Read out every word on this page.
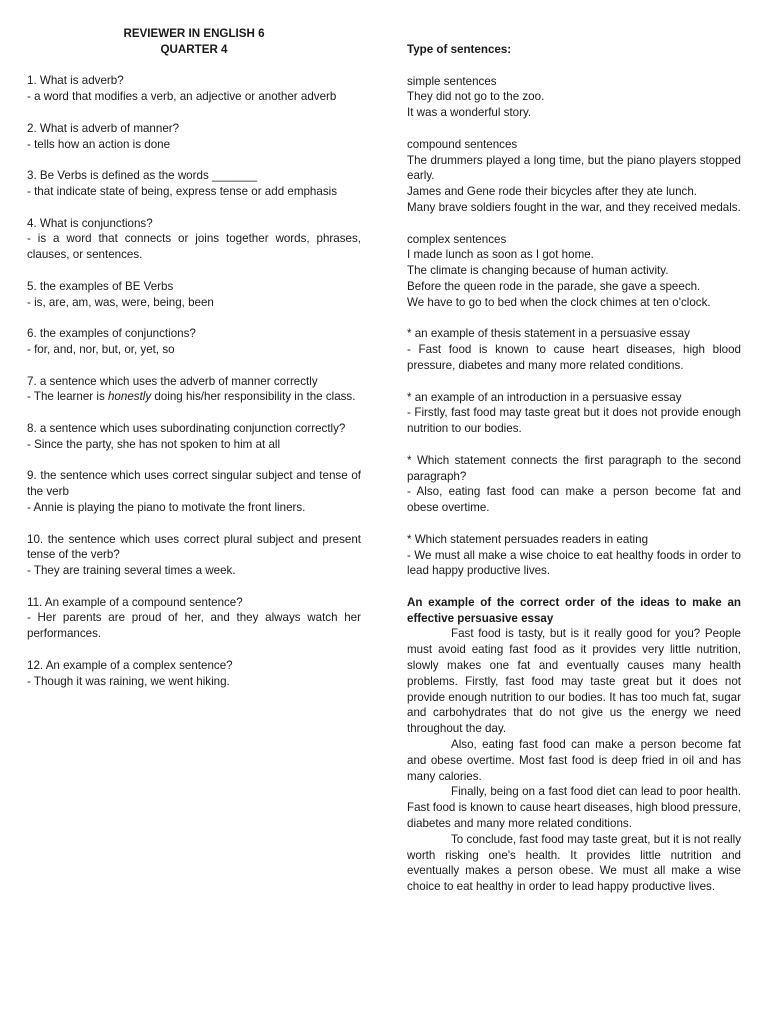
REVIEWER IN ENGLISH 6

QUARTER 4

1. What is adverb?

- a word that modifies a verb, an adjective or another adverb

2. What is adverb of manner?

- tells how an action is done

3. Be Verbs is defined as the words _______

- that indicate state of being, express tense or add emphasis

4. What is conjunctions?

- is a word that connects or joins together words, phrases, clauses, or sentences.

5. the examples of BE Verbs

- is, are, am, was, were, being, been

6. the examples of conjunctions?

- for, and, nor, but, or, yet, so

7. a sentence which uses the adverb of manner correctly

- The learner is honestly doing his/her responsibility in the class.

8. a sentence which uses subordinating conjunction correctly?

- Since the party, she has not spoken to him at all

9. the sentence which uses correct singular subject and tense of the verb

- Annie is playing the piano to motivate the front liners.

10. the sentence which uses correct plural subject and present tense of the verb?

- They are training several times a week.

11. An example of a compound sentence?

- Her parents are proud of her, and they always watch her performances.

12. An example of a complex sentence?

- Though it was raining, we went hiking.

Type of sentences:

simple sentences

They did not go to the zoo.

It was a wonderful story.

compound sentences

The drummers played a long time, but the piano players stopped early.

James and Gene rode their bicycles after they ate lunch.

Many brave soldiers fought in the war, and they received medals.

complex sentences

I made lunch as soon as I got home.

The climate is changing because of human activity.

Before the queen rode in the parade, she gave a speech.

We have to go to bed when the clock chimes at ten o'clock.

* an example of thesis statement in a persuasive essay

- Fast food is known to cause heart diseases, high blood pressure, diabetes and many more related conditions.

* an example of an introduction in a persuasive essay

- Firstly, fast food may taste great but it does not provide enough nutrition to our bodies.

* Which statement connects the first paragraph to the second paragraph?

- Also, eating fast food can make a person become fat and obese overtime.

* Which statement persuades readers in eating

- We must all make a wise choice to eat healthy foods in order to lead happy productive lives.

An example of the correct order of the ideas to make an effective persuasive essay

Fast food is tasty, but is it really good for you? People must avoid eating fast food as it provides very little nutrition, slowly makes one fat and eventually causes many health problems. Firstly, fast food may taste great but it does not provide enough nutrition to our bodies. It has too much fat, sugar and carbohydrates that do not give us the energy we need throughout the day.

Also, eating fast food can make a person become fat and obese overtime. Most fast food is deep fried in oil and has many calories.

Finally, being on a fast food diet can lead to poor health. Fast food is known to cause heart diseases, high blood pressure, diabetes and many more related conditions.

To conclude, fast food may taste great, but it is not really worth risking one's health. It provides little nutrition and eventually makes a person obese. We must all make a wise choice to eat healthy in order to lead happy productive lives.
